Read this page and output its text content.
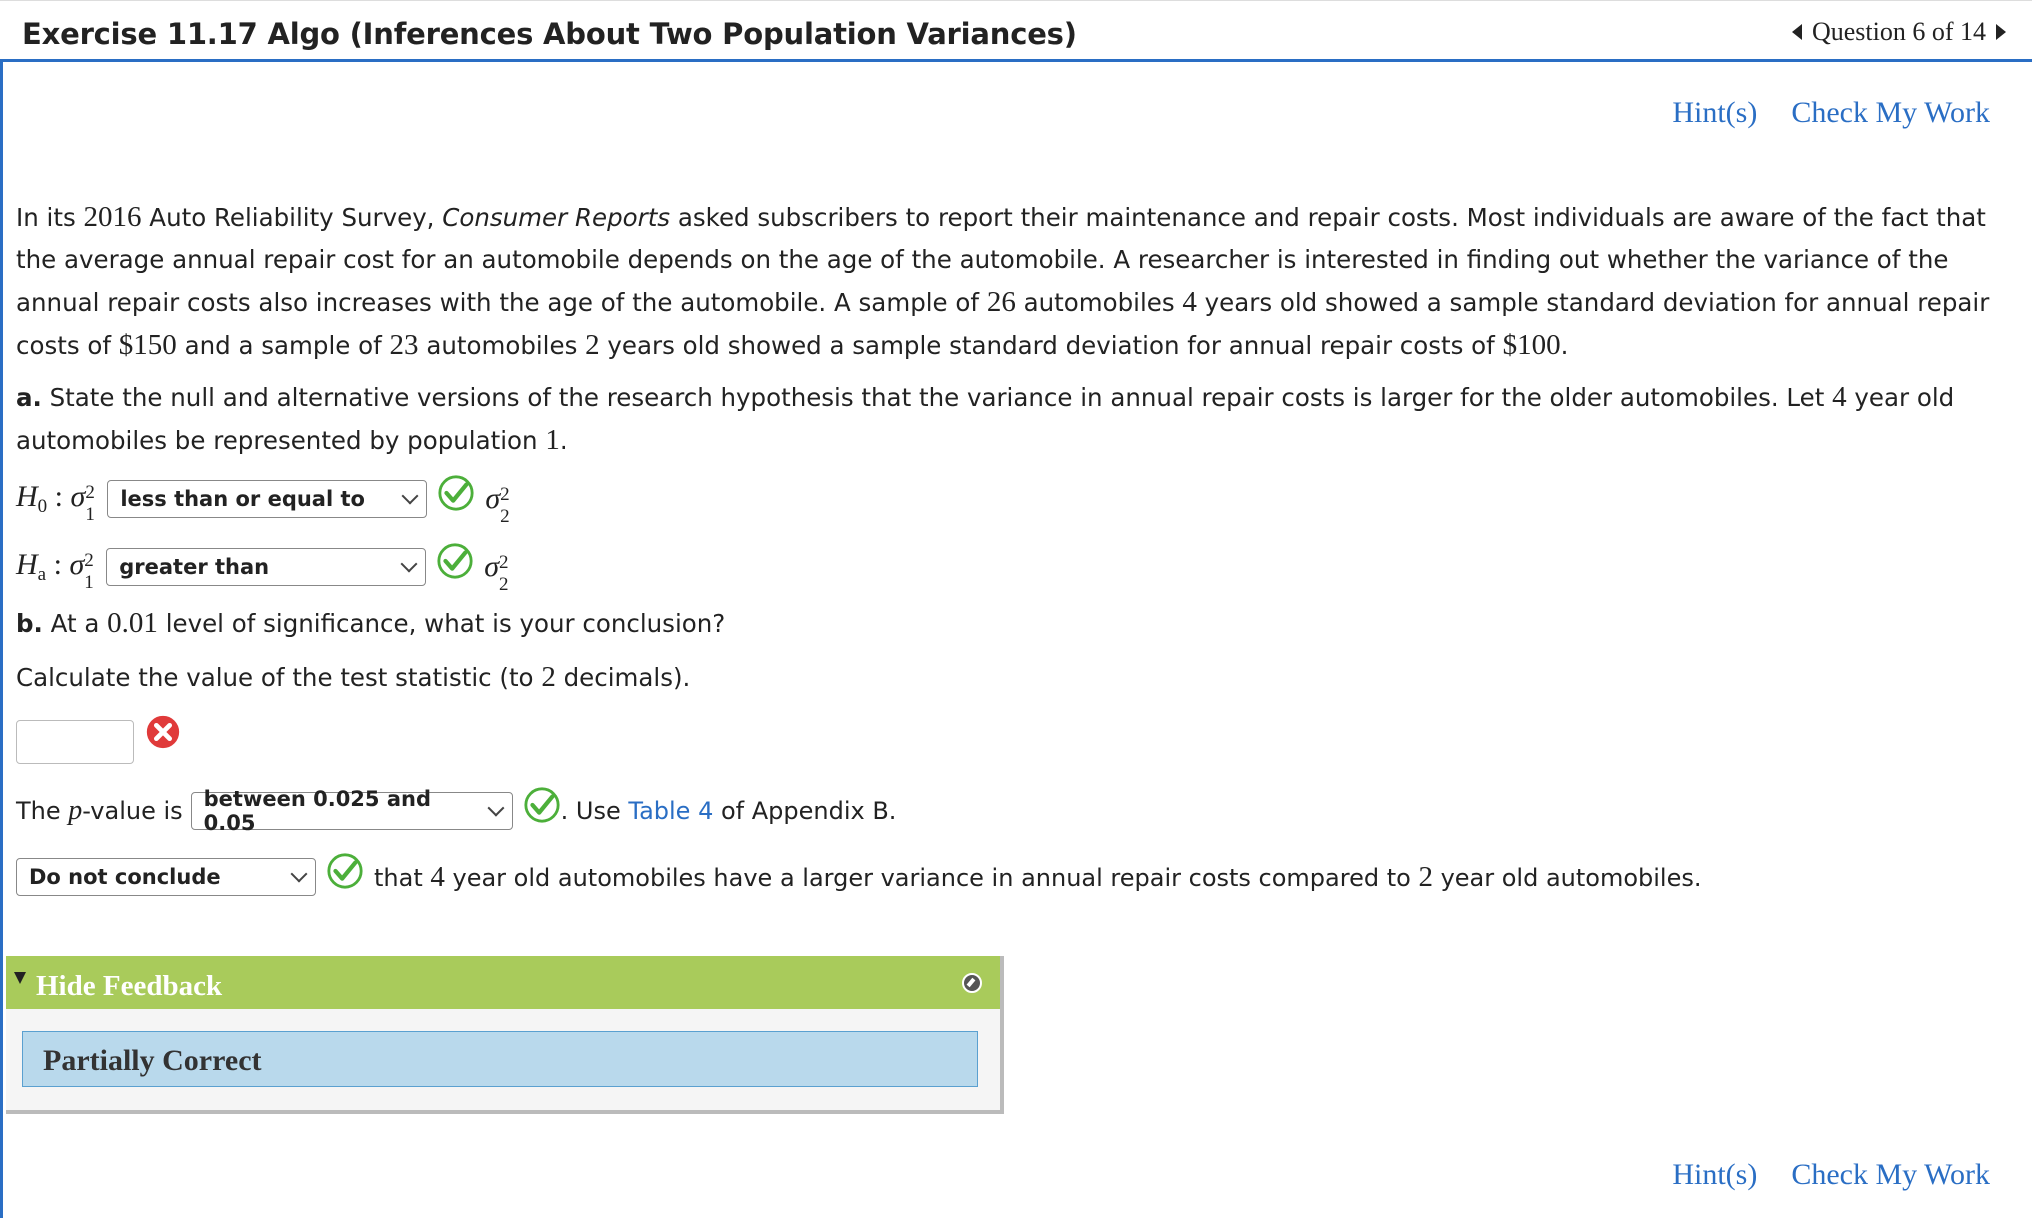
Exercise 11.17 Algo (Inferences About Two Population Variances)	Question 6 of 14
Hint(s) Check My Work
In its 2016 Auto Reliability Survey, Consumer Reports asked subscribers to report their maintenance and repair costs. Most individuals are aware of the fact that the average annual repair cost for an automobile depends on the age of the automobile. A researcher is interested in finding out whether the variance of the annual repair costs also increases with the age of the automobile. A sample of 26 automobiles 4 years old showed a sample standard deviation for annual repair costs of $150 and a sample of 23 automobiles 2 years old showed a sample standard deviation for annual repair costs of $100.
a. State the null and alternative versions of the research hypothesis that the variance in annual repair costs is larger for the older automobiles. Let 4 year old automobiles be represented by population 1.
$H_0$ : σ 2
1
less than or equal to	σ 2
2
$H_a$ : σ 2
1
greater than	σ 2
2
b. At a 0.01 level of significance, what is your conclusion?
Calculate the value of the test statistic (to 2 decimals).
The p-value is between 0.025 and 0.05	. Use Table 4 of Appendix B.
Do not conclude	that 4 year old automobiles have a larger variance in annual repair costs compared to 2 year old automobiles.
Hide Feedback
Partially Correct
Hint(s) Check My Work
